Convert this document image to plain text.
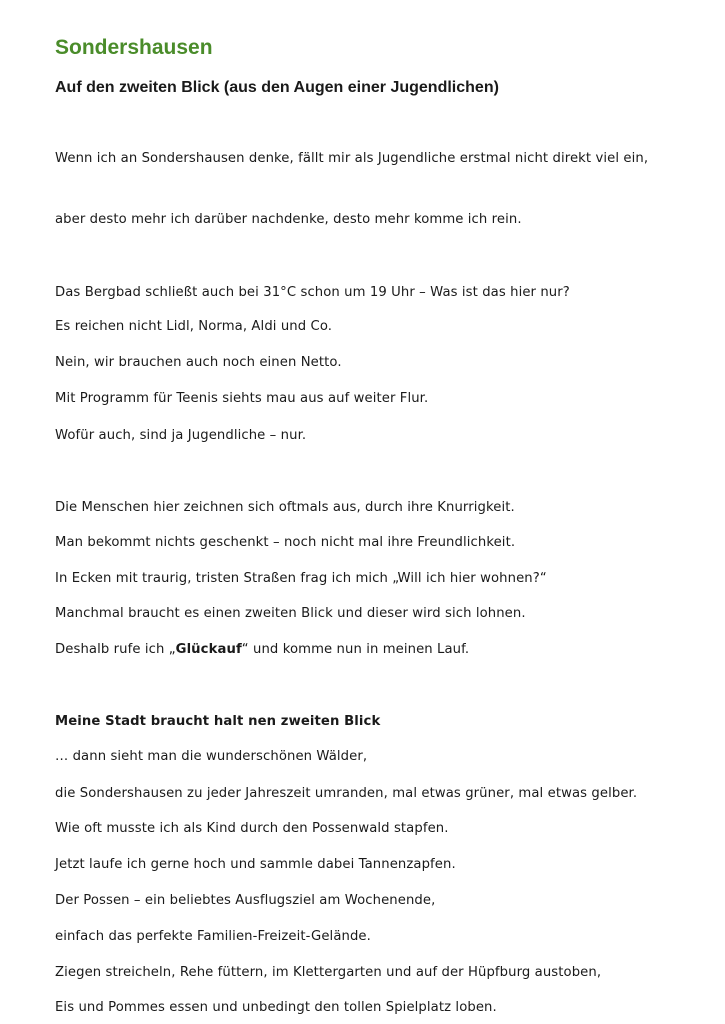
Sondershausen
Auf den zweiten Blick (aus den Augen einer Jugendlichen)

Wenn ich an Sondershausen denke, fällt mir als Jugendliche erstmal nicht direkt viel ein,

aber desto mehr ich darüber nachdenke, desto mehr komme ich rein.

Das Bergbad schließt auch bei 31°C schon um 19 Uhr – Was ist das hier nur?

Es reichen nicht Lidl, Norma, Aldi und Co.

Nein, wir brauchen auch noch einen Netto.

Mit Programm für Teenis siehts mau aus auf weiter Flur.

Wofür auch, sind ja Jugendliche – nur.

Die Menschen hier zeichnen sich oftmals aus, durch ihre Knurrigkeit.

Man bekommt nichts geschenkt – noch nicht mal ihre Freundlichkeit.

In Ecken mit traurig, tristen Straßen frag ich mich „Will ich hier wohnen?“

Manchmal braucht es einen zweiten Blick und dieser wird sich lohnen.

Deshalb rufe ich „Glückauf“ und komme nun in meinen Lauf.

Meine Stadt braucht halt nen zweiten Blick

… dann sieht man die wunderschönen Wälder,

die Sondershausen zu jeder Jahreszeit umranden, mal etwas grüner, mal etwas gelber.

Wie oft musste ich als Kind durch den Possenwald stapfen.

Jetzt laufe ich gerne hoch und sammle dabei Tannenzapfen.

Der Possen – ein beliebtes Ausflugsziel am Wochenende,

einfach das perfekte Familien-Freizeit-Gelände.

Ziegen streicheln, Rehe füttern, im Klettergarten und auf der Hüpfburg austoben,

Eis und Pommes essen und unbedingt den tollen Spielplatz loben.
